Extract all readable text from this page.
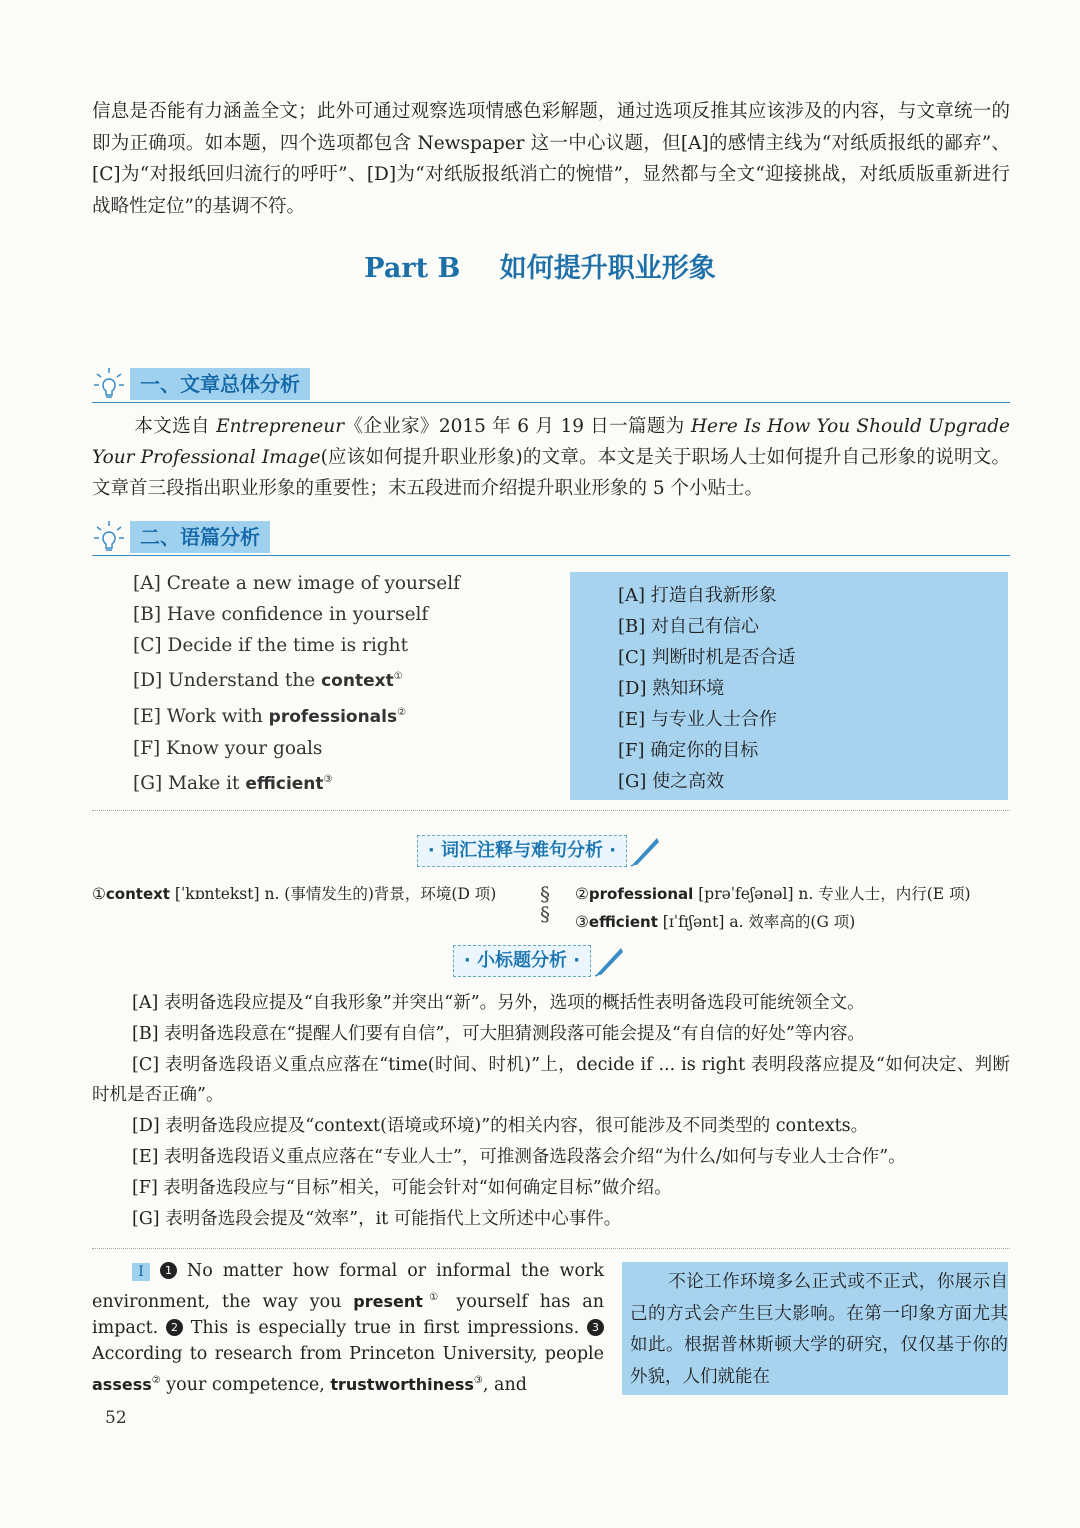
信息是否能有力涵盖全文；此外可通过观察选项情感色彩解题，通过选项反推其应该涉及的内容，与文章统一的即为正确项。如本题，四个选项都包含 Newspaper 这一中心议题，但[A]的感情主线为“对纸质报纸的鄙弃”、[C]为“对报纸回归流行的呼吁”、[D]为“对纸版报纸消亡的惋惜”，显然都与全文“迎接挑战，对纸质版重新进行战略性定位”的基调不符。
Part B 如何提升职业形象
一、文章总体分析
本文选自 Entrepreneur《企业家》2015 年 6 月 19 日一篇题为 Here Is How You Should Upgrade Your Professional Image(应该如何提升职业形象)的文章。本文是关于职场人士如何提升自己形象的说明文。文章首三段指出职业形象的重要性；末五段进而介绍提升职业形象的 5 个小贴士。
二、语篇分析
[A] Create a new image of yourself
[B] Have confidence in yourself
[C] Decide if the time is right
[D] Understand the context①
[E] Work with professionals②
[F] Know your goals
[G] Make it efficient③
[A] 打造自我新形象
[B] 对自己有信心
[C] 判断时机是否合适
[D] 熟知环境
[E] 与专业人士合作
[F] 确定你的目标
[G] 使之高效
· 词汇注释与难句分析 ·
①context [ˈkɒntekst] n. (事情发生的)背景，环境(D 项)	§
§
②professional [prəˈfeʃənəl] n. 专业人士，内行(E 项)
③efficient [ɪˈfɪʃənt] a. 效率高的(G 项)
· 小标题分析 ·
[A] 表明备选段应提及“自我形象”并突出“新”。另外，选项的概括性表明备选段可能统领全文。
[B] 表明备选段意在“提醒人们要有自信”，可大胆猜测段落可能会提及“有自信的好处”等内容。
[C] 表明备选段语义重点应落在“time(时间、时机)”上，decide if ... is right 表明段落应提及“如何决定、判断时机是否正确”。
[D] 表明备选段应提及“context(语境或环境)”的相关内容，很可能涉及不同类型的 contexts。
[E] 表明备选段语义重点应落在“专业人士”，可推测备选段落会介绍“为什么/如何与专业人士合作”。
[F] 表明备选段应与“目标”相关，可能会针对“如何确定目标”做介绍。
[G] 表明备选段会提及“效率”，it 可能指代上文所述中心事件。
I 1 No matter how formal or informal the work environment, the way you present① yourself has an impact. 2 This is especially true in first impressions. 3According to research from Princeton University, people assess② your competence, trustworthiness③, and
不论工作环境多么正式或不正式，你展示自己的方式会产生巨大影响。在第一印象方面尤其如此。根据普林斯顿大学的研究，仅仅基于你的外貌，人们就能在
52
